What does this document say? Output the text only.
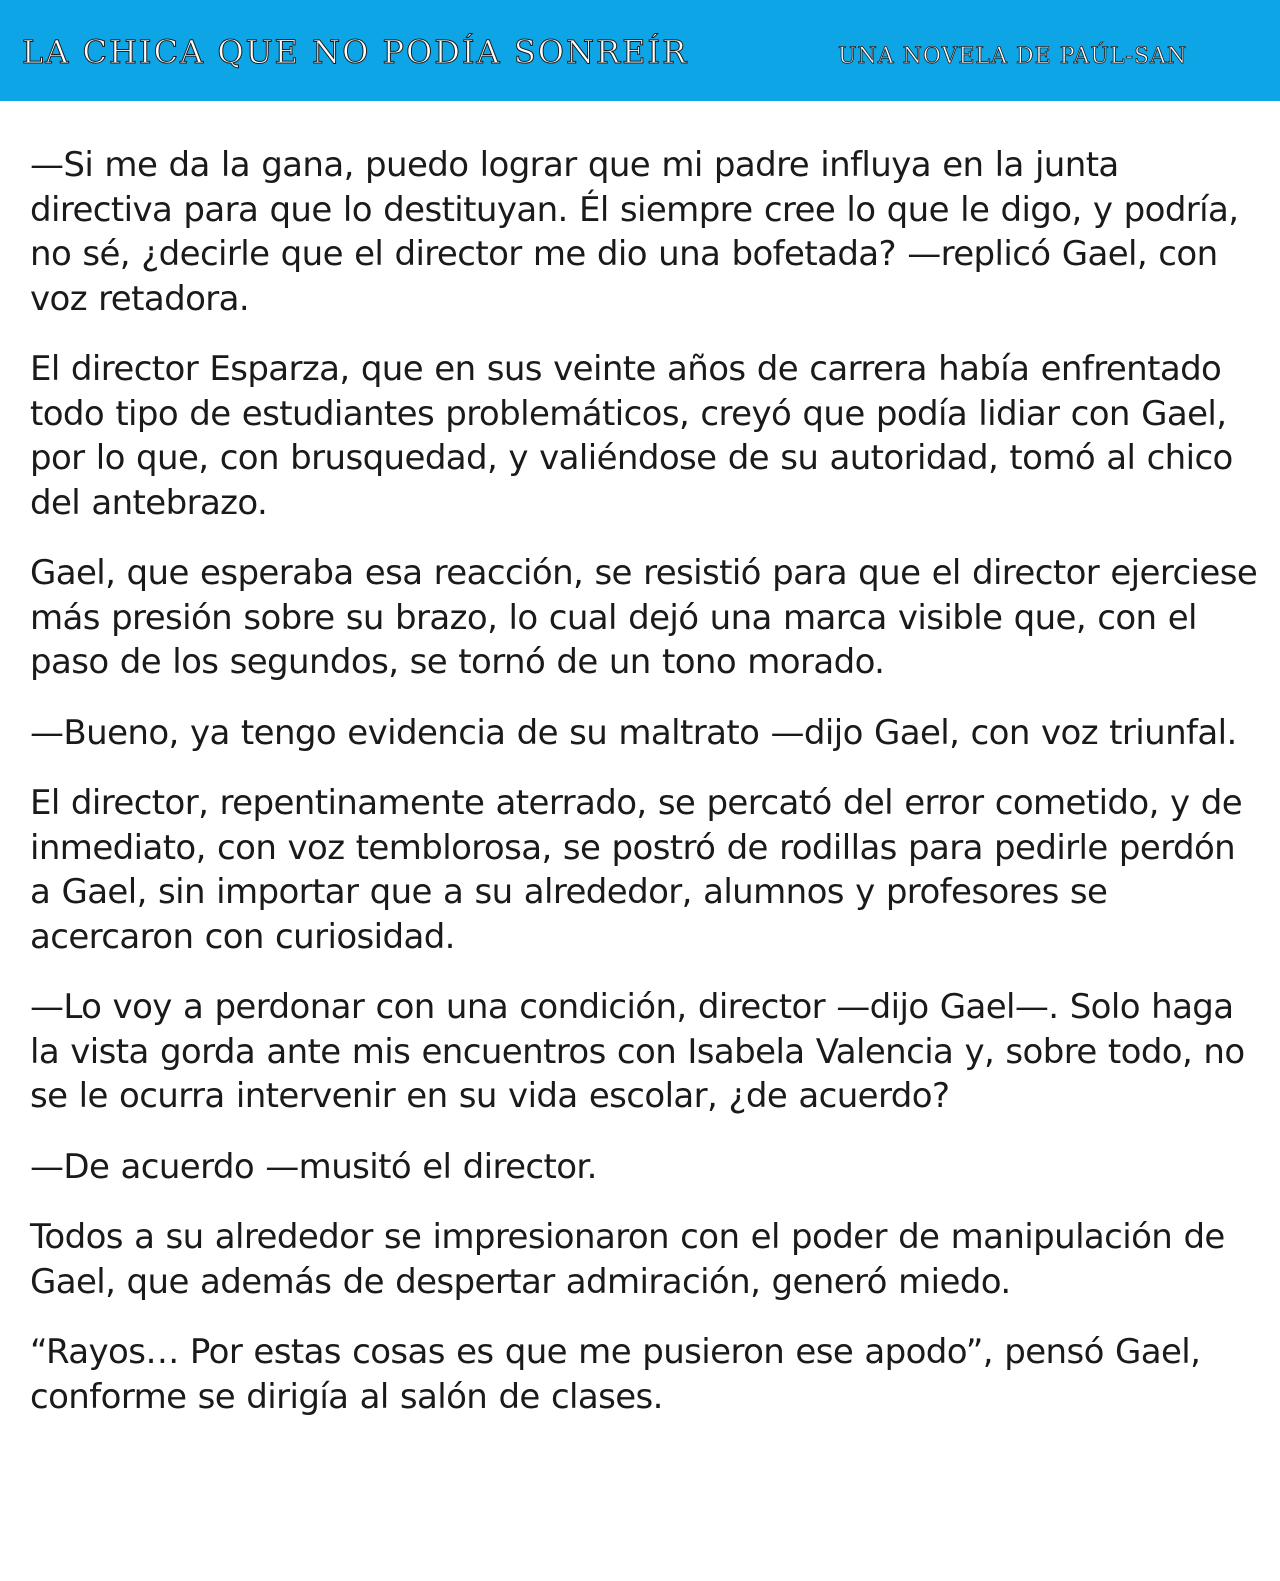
LA CHICA QUE NO PODÍA SONREÍR	UNA NOVELA DE PAÚL-SAN

—Si me da la gana, puedo lograr que mi padre influya en la junta directiva para que lo destituyan. Él siempre cree lo que le digo, y podría, no sé, ¿decirle que el director me dio una bofetada? —replicó Gael, con voz retadora.

El director Esparza, que en sus veinte años de carrera había enfrentado todo tipo de estudiantes problemáticos, creyó que podía lidiar con Gael, por lo que, con brusquedad, y valiéndose de su autoridad, tomó al chico del antebrazo.

Gael, que esperaba esa reacción, se resistió para que el director ejerciese más presión sobre su brazo, lo cual dejó una marca visible que, con el paso de los segundos, se tornó de un tono morado.

—Bueno, ya tengo evidencia de su maltrato —dijo Gael, con voz triunfal.

El director, repentinamente aterrado, se percató del error cometido, y de inmediato, con voz temblorosa, se postró de rodillas para pedirle perdón a Gael, sin importar que a su alrededor, alumnos y profesores se acercaron con curiosidad.

—Lo voy a perdonar con una condición, director —dijo Gael—. Solo haga la vista gorda ante mis encuentros con Isabela Valencia y, sobre todo, no se le ocurra intervenir en su vida escolar, ¿de acuerdo?

—De acuerdo —musitó el director.

Todos a su alrededor se impresionaron con el poder de manipulación de Gael, que además de despertar admiración, generó miedo.

“Rayos… Por estas cosas es que me pusieron ese apodo”, pensó Gael, conforme se dirigía al salón de clases.
